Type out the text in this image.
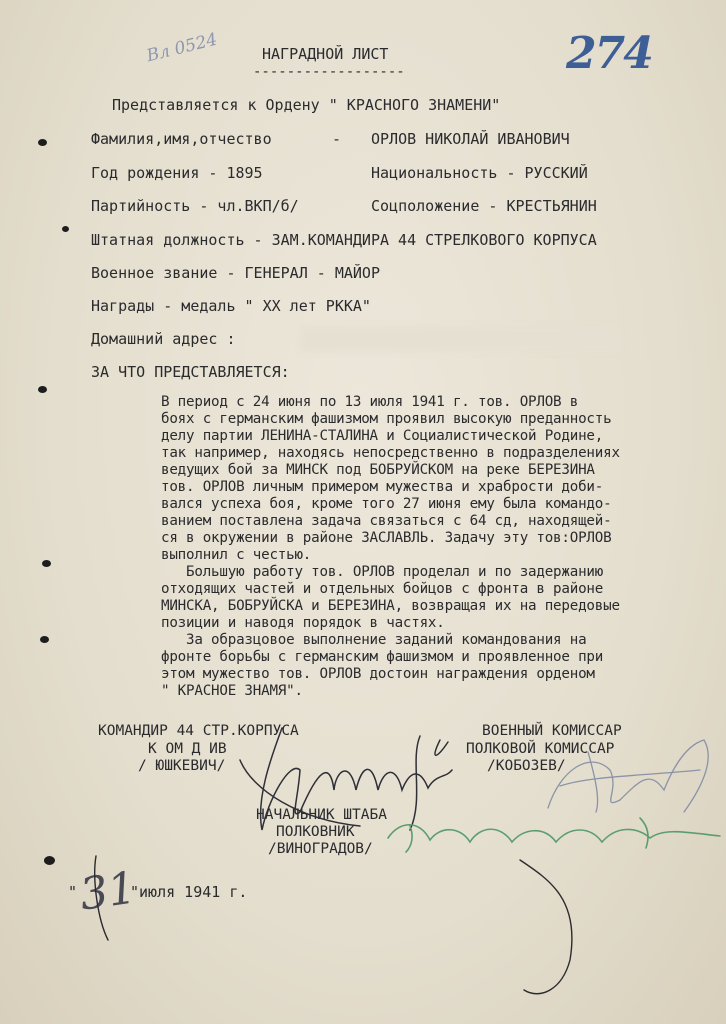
Вл 0524	274
НАГРАДНОЙ ЛИСТ
------------------
Представляется к Ордену " КРАСНОГО ЗНАМЕНИ"
Фамилия,имя,отчество	- ОРЛОВ НИКОЛАЙ ИВАНОВИЧ
Год рождения - 1895	Национальность - РУССКИЙ
Партийность - чл.ВКП/б/	Соцположение - КРЕСТЬЯНИН
Штатная должность - ЗАМ.КОМАНДИРА 44 СТРЕЛКОВОГО КОРПУСА
Военное звание - ГЕНЕРАЛ - МАЙОР
Награды - медаль " XX лет РККА"
Домашний адрес :
ЗА ЧТО ПРЕДСТАВЛЯЕТСЯ:
В период с 24 июня по 13 июля 1941 г. тов. ОРЛОВ в
боях с германским фашизмом проявил высокую преданность
делу партии ЛЕНИНА-СТАЛИНА и Социалистической Родине,
так например, находясь непосредственно в подразделениях
ведущих бой за МИНСК под БОБРУЙСКОМ на реке БЕРЕЗИНА
тов. ОРЛОВ личным примером мужества и храбрости доби-
вался успеха боя, кроме того 27 июня ему была командо-
ванием поставлена задача связаться с 64 сд, находящей-
ся в окружении в районе ЗАСЛАВЛЬ. Задачу эту тов:ОРЛОВ
выполнил с честью.
Большую работу тов. ОРЛОВ проделал и по задержанию
отходящих частей и отдельных бойцов с фронта в районе
МИНСКА, БОБРУЙСКА и БЕРЕЗИНА, возвращая их на передовые
позиции и наводя порядок в частях.
За образцовое выполнение заданий командования на
фронте борьбы с германским фашизмом и проявленное при
этом мужество тов. ОРЛОВ достоин награждения орденом
" КРАСНОЕ ЗНАМЯ".
КОМАНДИР 44 СТР.КОРПУСА
К ОМ Д ИВ
/ ЮШКЕВИЧ/
ВОЕННЫЙ КОМИССАР
ПОЛКОВОЙ КОМИССАР
/КОБОЗЕВ/
НАЧАЛЬНИК ШТАБА
ПОЛКОВНИК
/ВИНОГРАДОВ/
" 31
"июля 1941 г.
